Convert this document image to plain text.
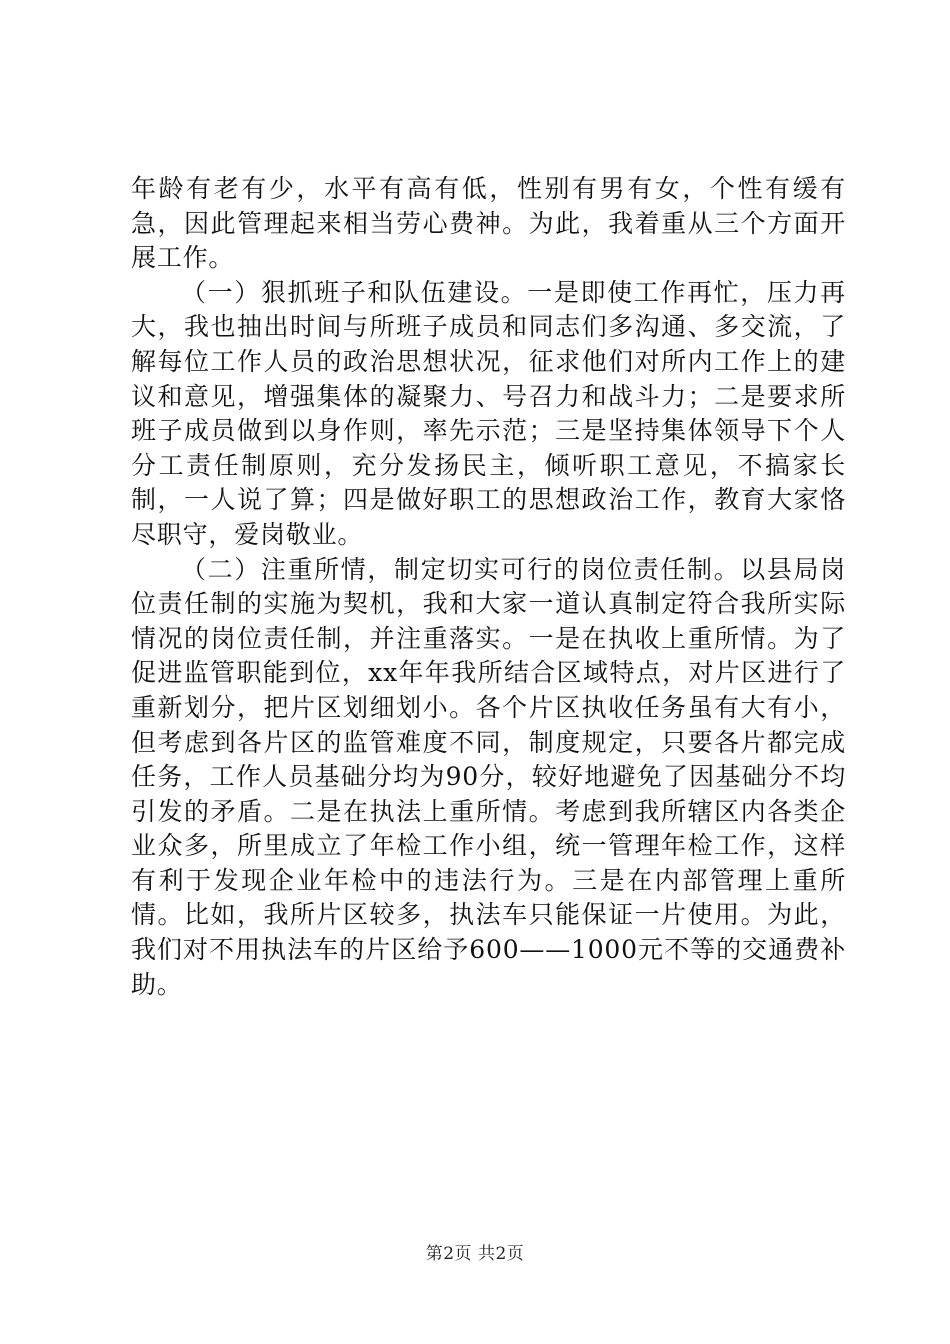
年龄有老有少，水平有高有低，性别有男有女，个性有缓有急，因此管理起来相当劳心费神。为此，我着重从三个方面开展工作。

（一）狠抓班子和队伍建设。一是即使工作再忙，压力再大，我也抽出时间与所班子成员和同志们多沟通、多交流，了解每位工作人员的政治思想状况，征求他们对所内工作上的建议和意见，增强集体的凝聚力、号召力和战斗力；二是要求所班子成员做到以身作则，率先示范；三是坚持集体领导下个人分工责任制原则，充分发扬民主，倾听职工意见，不搞家长制，一人说了算；四是做好职工的思想政治工作，教育大家恪尽职守，爱岗敬业。

（二）注重所情，制定切实可行的岗位责任制。以县局岗位责任制的实施为契机，我和大家一道认真制定符合我所实际情况的岗位责任制，并注重落实。一是在执收上重所情。为了促进监管职能到位，xx年年我所结合区域特点，对片区进行了重新划分，把片区划细划小。各个片区执收任务虽有大有小，但考虑到各片区的监管难度不同，制度规定，只要各片都完成任务，工作人员基础分均为90分，较好地避免了因基础分不均引发的矛盾。二是在执法上重所情。考虑到我所辖区内各类企业众多，所里成立了年检工作小组，统一管理年检工作，这样有利于发现企业年检中的违法行为。三是在内部管理上重所情。比如，我所片区较多，执法车只能保证一片使用。为此，我们对不用执法车的片区给予600——1000元不等的交通费补助。

第2页 共2页
